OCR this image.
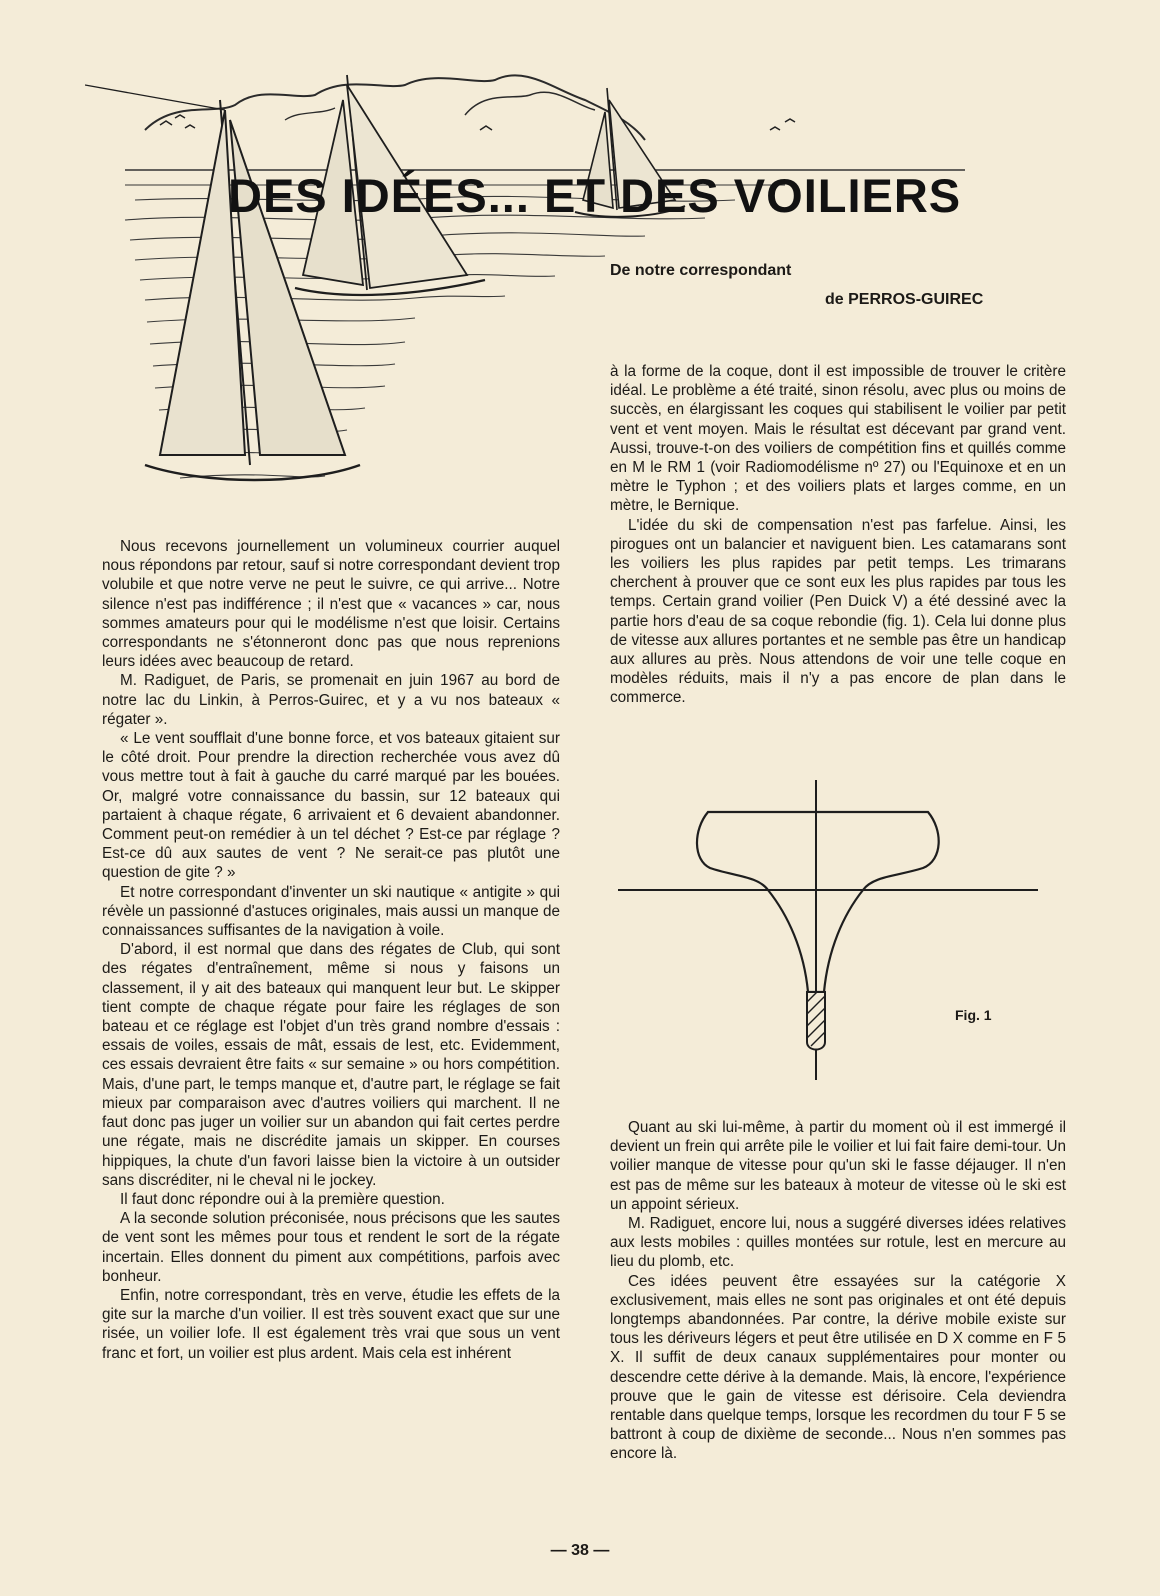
DES IDÉES... ET DES VOILIERS
De notre correspondant
de PERROS-GUIREC

Nous recevons journellement un volumineux courrier auquel nous répondons par retour, sauf si notre correspondant devient trop volubile et que notre verve ne peut le suivre, ce qui arrive... Notre silence n'est pas indifférence ; il n'est que « vacances » car, nous sommes amateurs pour qui le modélisme n'est que loisir. Certains correspondants ne s'étonneront donc pas que nous reprenions leurs idées avec beaucoup de retard.

M. Radiguet, de Paris, se promenait en juin 1967 au bord de notre lac du Linkin, à Perros-Guirec, et y a vu nos bateaux « régater ».

« Le vent soufflait d'une bonne force, et vos bateaux gitaient sur le côté droit. Pour prendre la direction recherchée vous avez dû vous mettre tout à fait à gauche du carré marqué par les bouées. Or, malgré votre connaissance du bassin, sur 12 bateaux qui partaient à chaque régate, 6 arrivaient et 6 devaient abandonner. Comment peut-on remédier à un tel déchet ? Est-ce par réglage ? Est-ce dû aux sautes de vent ? Ne serait-ce pas plutôt une question de gite ? »

Et notre correspondant d'inventer un ski nautique « antigite » qui révèle un passionné d'astuces originales, mais aussi un manque de connaissances suffisantes de la navigation à voile.

D'abord, il est normal que dans des régates de Club, qui sont des régates d'entraînement, même si nous y faisons un classement, il y ait des bateaux qui manquent leur but. Le skipper tient compte de chaque régate pour faire les réglages de son bateau et ce réglage est l'objet d'un très grand nombre d'essais : essais de voiles, essais de mât, essais de lest, etc. Evidemment, ces essais devraient être faits « sur semaine » ou hors compétition. Mais, d'une part, le temps manque et, d'autre part, le réglage se fait mieux par comparaison avec d'autres voiliers qui marchent. Il ne faut donc pas juger un voilier sur un abandon qui fait certes perdre une régate, mais ne discrédite jamais un skipper. En courses hippiques, la chute d'un favori laisse bien la victoire à un outsider sans discréditer, ni le cheval ni le jockey.

Il faut donc répondre oui à la première question.

A la seconde solution préconisée, nous précisons que les sautes de vent sont les mêmes pour tous et rendent le sort de la régate incertain. Elles donnent du piment aux compétitions, parfois avec bonheur.

Enfin, notre correspondant, très en verve, étudie les effets de la gite sur la marche d'un voilier. Il est très souvent exact que sur une risée, un voilier lofe. Il est également très vrai que sous un vent franc et fort, un voilier est plus ardent. Mais cela est inhérent

à la forme de la coque, dont il est impossible de trouver le critère idéal. Le problème a été traité, sinon résolu, avec plus ou moins de succès, en élargissant les coques qui stabilisent le voilier par petit vent et vent moyen. Mais le résultat est décevant par grand vent. Aussi, trouve-t-on des voiliers de compétition fins et quillés comme en M le RM 1 (voir Radiomodélisme nº 27) ou l'Equinoxe et en un mètre le Typhon ; et des voiliers plats et larges comme, en un mètre, le Bernique.

L'idée du ski de compensation n'est pas farfelue. Ainsi, les pirogues ont un balancier et naviguent bien. Les catamarans sont les voiliers les plus rapides par petit temps. Les trimarans cherchent à prouver que ce sont eux les plus rapides par tous les temps. Certain grand voilier (Pen Duick V) a été dessiné avec la partie hors d'eau de sa coque rebondie (fig. 1). Cela lui donne plus de vitesse aux allures portantes et ne semble pas être un handicap aux allures au près. Nous attendons de voir une telle coque en modèles réduits, mais il n'y a pas encore de plan dans le commerce.

Fig. 1

Quant au ski lui-même, à partir du moment où il est immergé il devient un frein qui arrête pile le voilier et lui fait faire demi-tour. Un voilier manque de vitesse pour qu'un ski le fasse déjauger. Il n'en est pas de même sur les bateaux à moteur de vitesse où le ski est un appoint sérieux.

M. Radiguet, encore lui, nous a suggéré diverses idées relatives aux lests mobiles : quilles montées sur rotule, lest en mercure au lieu du plomb, etc.

Ces idées peuvent être essayées sur la catégorie X exclusivement, mais elles ne sont pas originales et ont été depuis longtemps abandonnées. Par contre, la dérive mobile existe sur tous les dériveurs légers et peut être utilisée en D X comme en F 5 X. Il suffit de deux canaux supplémentaires pour monter ou descendre cette dérive à la demande. Mais, là encore, l'expérience prouve que le gain de vitesse est dérisoire. Cela deviendra rentable dans quelque temps, lorsque les recordmen du tour F 5 se battront à coup de dixième de seconde... Nous n'en sommes pas encore là.

— 38 —
